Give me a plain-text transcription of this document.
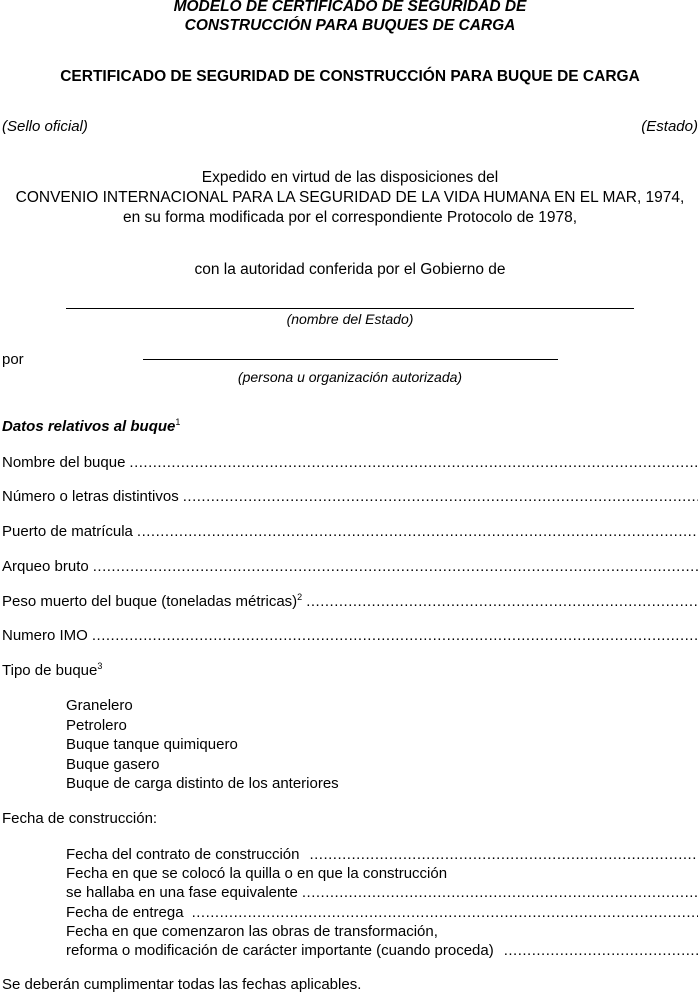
MODELO DE CERTIFICADO DE SEGURIDAD DE
CONSTRUCCIÓN PARA BUQUES DE CARGA
CERTIFICADO DE SEGURIDAD DE CONSTRUCCIÓN PARA BUQUE DE CARGA
(Sello oficial)	(Estado)
Expedido en virtud de las disposiciones del
CONVENIO INTERNACIONAL PARA LA SEGURIDAD DE LA VIDA HUMANA EN EL MAR, 1974,
en su forma modificada por el correspondiente Protocolo de 1978,
con la autoridad conferida por el Gobierno de
(nombre del Estado)
por
(persona u organización autorizada)
Datos relativos al buque$^1$
Nombre del buque
.....
Número o letras distintivos
.....
Puerto de matrícula
.....
Arqueo bruto
.....
Peso muerto del buque (toneladas métricas)$^2$
.....
Numero IMO
.....
Tipo de buque$^3$
Granelero
Petrolero
Buque tanque quimiquero
Buque gasero
Buque de carga distinto de los anteriores
Fecha de construcción:
Fecha del contrato de construcción
.....
Fecha en que se colocó la quilla o en que la construcción
se hallaba en una fase equivalente
.....
Fecha de entrega
.....
Fecha en que comenzaron las obras de transformación,
reforma o modificación de carácter importante (cuando proceda)
.....
Se deberán cumplimentar todas las fechas aplicables.
